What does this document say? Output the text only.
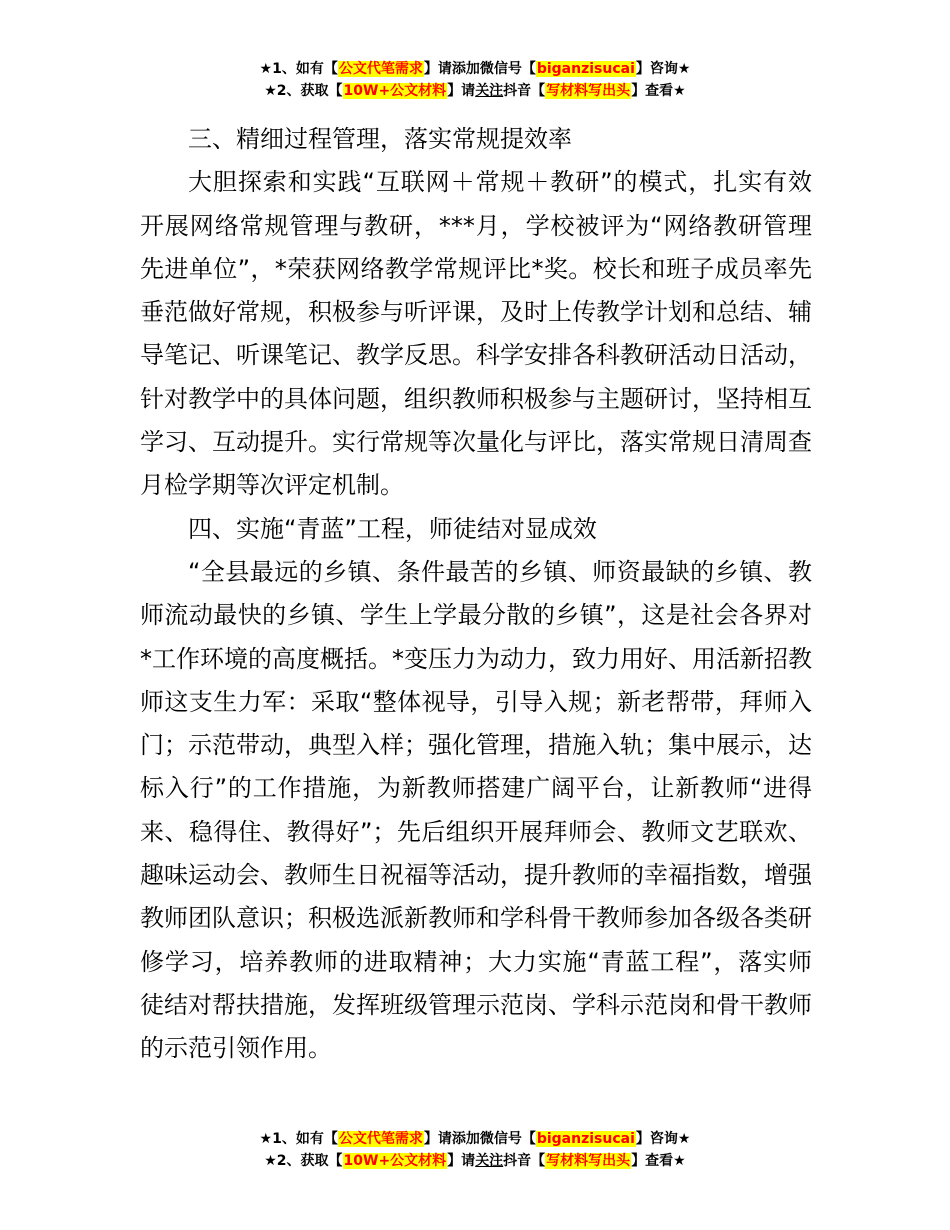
★1、如有【公文代笔需求】请添加微信号【biganzisucai】咨询★
★2、获取【10W+公文材料】请关注抖音【写材料写出头】查看★

三、精细过程管理，落实常规提效率

大胆探索和实践“互联网＋常规＋教研”的模式，扎实有效开展网络常规管理与教研，***月，学校被评为“网络教研管理先进单位”，*荣获网络教学常规评比*奖。校长和班子成员率先垂范做好常规，积极参与听评课，及时上传教学计划和总结、辅导笔记、听课笔记、教学反思。科学安排各科教研活动日活动，针对教学中的具体问题，组织教师积极参与主题研讨，坚持相互学习、互动提升。实行常规等次量化与评比，落实常规日清周查月检学期等次评定机制。

四、实施“青蓝”工程，师徒结对显成效

“全县最远的乡镇、条件最苦的乡镇、师资最缺的乡镇、教师流动最快的乡镇、学生上学最分散的乡镇”，这是社会各界对*工作环境的高度概括。*变压力为动力，致力用好、用活新招教师这支生力军：采取“整体视导，引导入规；新老帮带，拜师入门；示范带动，典型入样；强化管理，措施入轨；集中展示，达标入行”的工作措施，为新教师搭建广阔平台，让新教师“进得来、稳得住、教得好”；先后组织开展拜师会、教师文艺联欢、趣味运动会、教师生日祝福等活动，提升教师的幸福指数，增强教师团队意识；积极选派新教师和学科骨干教师参加各级各类研修学习，培养教师的进取精神；大力实施“青蓝工程”，落实师徒结对帮扶措施，发挥班级管理示范岗、学科示范岗和骨干教师的示范引领作用。

★1、如有【公文代笔需求】请添加微信号【biganzisucai】咨询★
★2、获取【10W+公文材料】请关注抖音【写材料写出头】查看★
